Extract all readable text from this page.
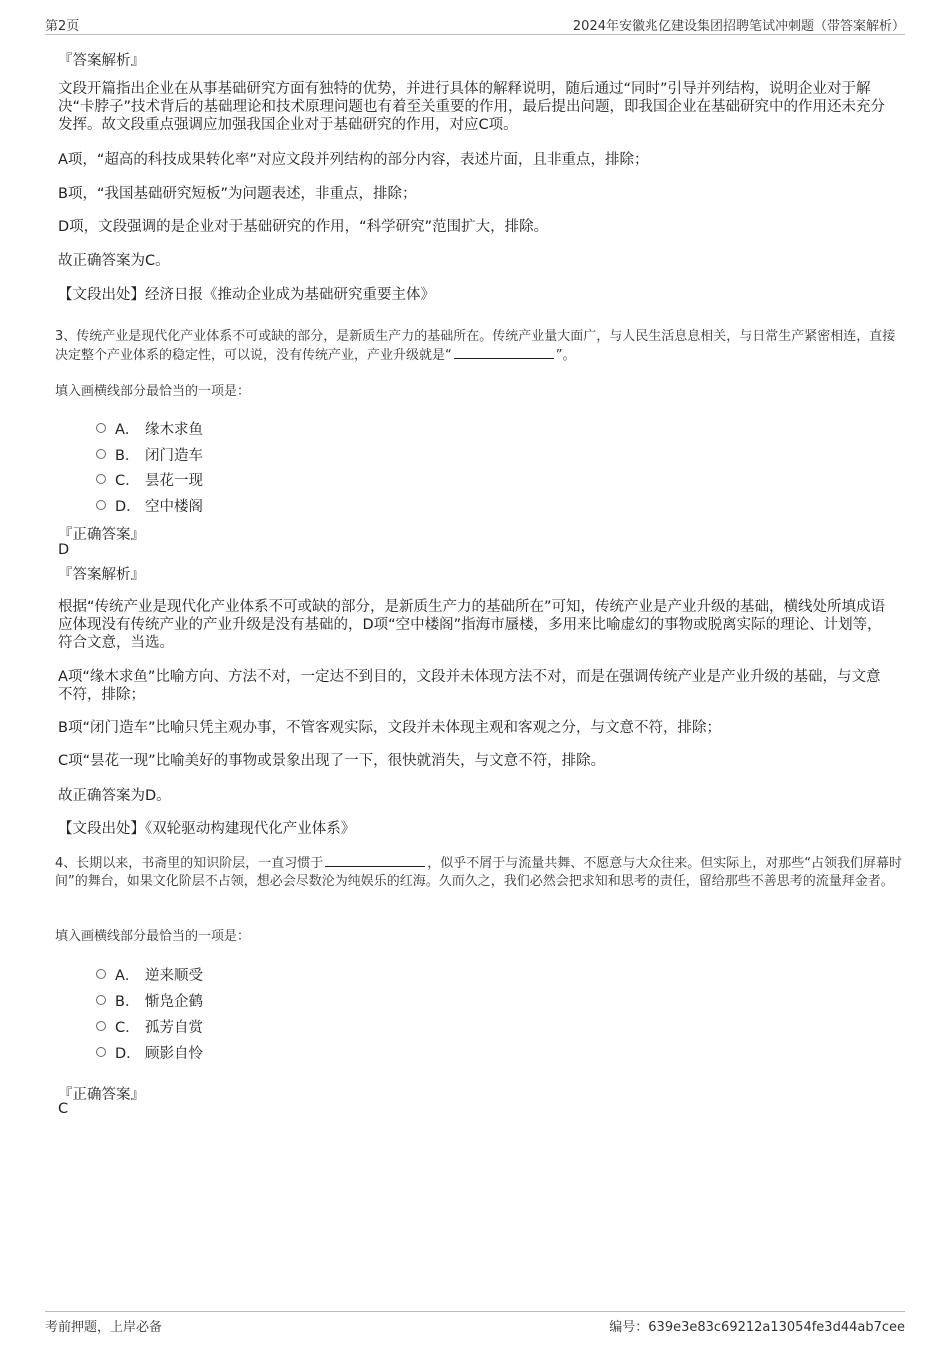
第2页	2024年安徽兆亿建设集团招聘笔试冲刺题（带答案解析）
『答案解析』
文段开篇指出企业在从事基础研究方面有独特的优势，并进行具体的解释说明，随后通过“同时”引导并列结构，说明企业对于解决“卡脖子”技术背后的基础理论和技术原理问题也有着至关重要的作用，最后提出问题，即我国企业在基础研究中的作用还未充分发挥。故文段重点强调应加强我国企业对于基础研究的作用，对应C项。
A项，“超高的科技成果转化率”对应文段并列结构的部分内容，表述片面，且非重点，排除；
B项，“我国基础研究短板”为问题表述，非重点，排除；
D项，文段强调的是企业对于基础研究的作用，“科学研究”范围扩大，排除。
故正确答案为C。
【文段出处】经济日报《推动企业成为基础研究重要主体》
3、传统产业是现代化产业体系不可或缺的部分，是新质生产力的基础所在。传统产业量大面广，与人民生活息息相关，与日常生产紧密相连，直接决定整个产业体系的稳定性，可以说，没有传统产业，产业升级就是“	”。
填入画横线部分最恰当的一项是：
A． 缘木求鱼
B． 闭门造车
C． 昙花一现
D． 空中楼阁
『正确答案』
D
『答案解析』
根据“传统产业是现代化产业体系不可或缺的部分，是新质生产力的基础所在”可知，传统产业是产业升级的基础，横线处所填成语应体现没有传统产业的产业升级是没有基础的，D项“空中楼阁”指海市蜃楼，多用来比喻虚幻的事物或脱离实际的理论、计划等，符合文意，当选。
A项“缘木求鱼”比喻方向、方法不对，一定达不到目的，文段并未体现方法不对，而是在强调传统产业是产业升级的基础，与文意不符，排除；
B项“闭门造车”比喻只凭主观办事，不管客观实际，文段并未体现主观和客观之分，与文意不符，排除；
C项“昙花一现”比喻美好的事物或景象出现了一下，很快就消失，与文意不符，排除。
故正确答案为D。
【文段出处】《双轮驱动构建现代化产业体系》
4、长期以来，书斋里的知识阶层，一直习惯于	，似乎不屑于与流量共舞、不愿意与大众往来。但实际上，对那些“占领我们屏幕时间”的舞台，如果文化阶层不占领，想必会尽数沦为纯娱乐的红海。久而久之，我们必然会把求知和思考的责任，留给那些不善思考的流量拜金者。
填入画横线部分最恰当的一项是：
A． 逆来顺受
B． 惭凫企鹤
C． 孤芳自赏
D． 顾影自怜
『正确答案』
C
考前押题，上岸必备	编号：639e3e83c69212a13054fe3d44ab7cee
